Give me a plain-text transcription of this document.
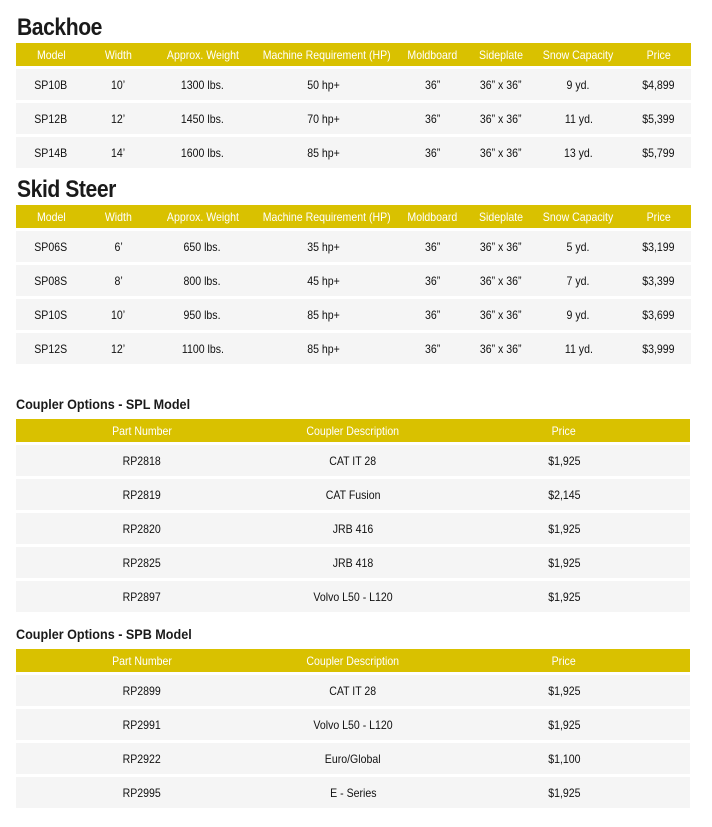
Backhoe
Model	Width	Approx. Weight	Machine Requirement (HP)	Moldboard	Sideplate	Snow Capacity	Price
SP10B	10’	1300 lbs.	50 hp+	36”	36” x 36”	9 yd.	$4,899
SP12B	12’	1450 lbs.	70 hp+	36”	36” x 36”	11 yd.	$5,399
SP14B	14’	1600 lbs.	85 hp+	36”	36” x 36”	13 yd.	$5,799
Skid Steer
Model	Width	Approx. Weight	Machine Requirement (HP)	Moldboard	Sideplate	Snow Capacity	Price
SP06S	6’	650 lbs.	35 hp+	36”	36” x 36”	5 yd.	$3,199
SP08S	8’	800 lbs.	45 hp+	36”	36” x 36”	7 yd.	$3,399
SP10S	10’	950 lbs.	85 hp+	36”	36” x 36”	9 yd.	$3,699
SP12S	12’	1100 lbs.	85 hp+	36”	36” x 36”	11 yd.	$3,999
Coupler Options - SPL Model
Part Number	Coupler Description	Price
RP2818	CAT IT 28	$1,925
RP2819	CAT Fusion	$2,145
RP2820	JRB 416	$1,925
RP2825	JRB 418	$1,925
RP2897	Volvo L50 - L120	$1,925
Coupler Options - SPB Model
Part Number	Coupler Description	Price
RP2899	CAT IT 28	$1,925
RP2991	Volvo L50 - L120	$1,925
RP2922	Euro/Global	$1,100
RP2995	E - Series	$1,925
